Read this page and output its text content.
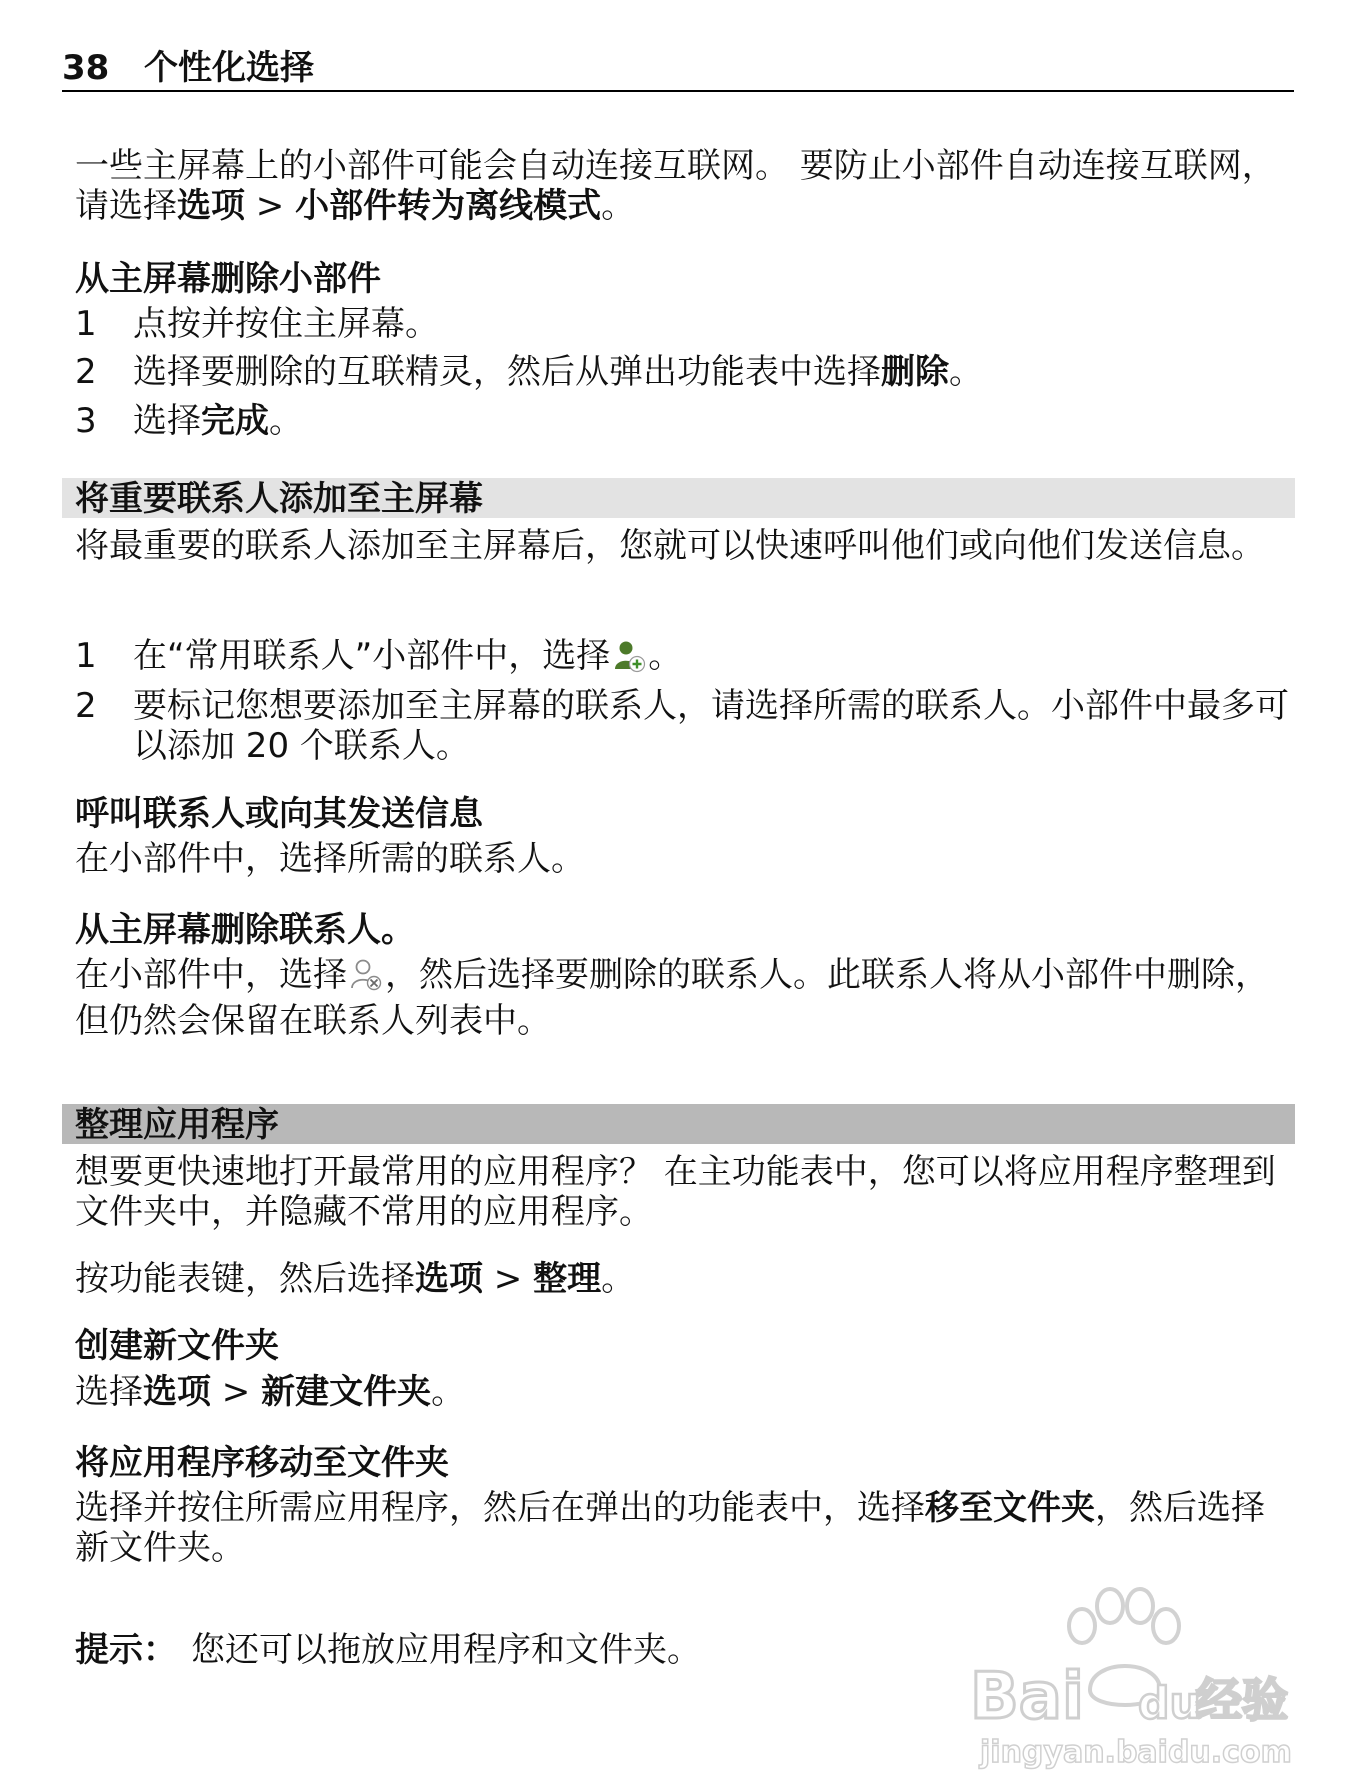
38 个性化选择
一些主屏幕上的小部件可能会自动连接互联网。 要防止小部件自动连接互联网，请选择选项 > 小部件转为离线模式。
从主屏幕删除小部件
1	点按并按住主屏幕。
2	选择要删除的互联精灵，然后从弹出功能表中选择删除。
3	选择完成。
将重要联系人添加至主屏幕
将最重要的联系人添加至主屏幕后，您就可以快速呼叫他们或向他们发送信息。
1	在“常用联系人”小部件中，选择 。
2	要标记您想要添加至主屏幕的联系人，请选择所需的联系人。小部件中最多可以添加 20 个联系人。
呼叫联系人或向其发送信息
在小部件中，选择所需的联系人。
从主屏幕删除联系人。
在小部件中，选择 ，然后选择要删除的联系人。此联系人将从小部件中删除，但仍然会保留在联系人列表中。
整理应用程序
想要更快速地打开最常用的应用程序？ 在主功能表中，您可以将应用程序整理到文件夹中，并隐藏不常用的应用程序。
按功能表键，然后选择选项 > 整理。
创建新文件夹
选择选项 > 新建文件夹。
将应用程序移动至文件夹
选择并按住所需应用程序，然后在弹出的功能表中，选择移至文件夹，然后选择新文件夹。
提示： 您还可以拖放应用程序和文件夹。
Bai du
经验
jingyan.baidu.com
